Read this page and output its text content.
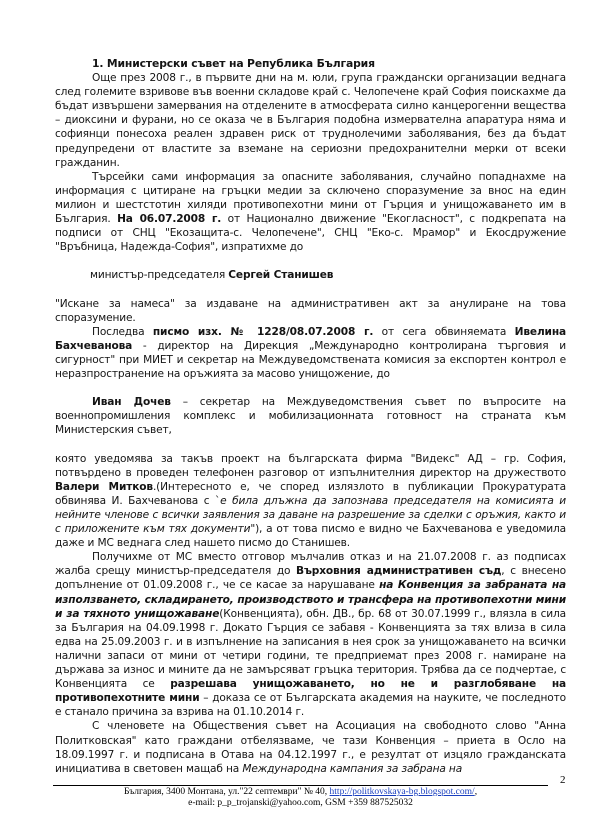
1. Министерски съвет на Република България

Още през 2008 г., в първите дни на м. юли, група граждански организации веднага след големите взривове във военни складове край с. Челопечене край София поискахме да бъдат извършени замервания на отделените в атмосферата силно канцерогенни вещества – диоксини и фурани, но се оказа че в България подобна измервателна апаратура няма и софиянци понесоха реален здравен риск от труднолечими заболявания, без да бъдат предупредени от властите за вземане на сериозни предохранителни мерки от всеки гражданин.

Търсейки сами информация за опасните заболявания, случайно попаднахме на информация с цитиране на гръцки медии за сключено споразумение за внос на един милион и шестстотин хиляди противопехотни мини от Гърция и унищожаването им в България. На 06.07.2008 г. от Национално движение "Екогласност", с подкрепата на подписи от СНЦ "Екозащита-с. Челопечене", СНЦ "Еко-с. Мрамор" и Екосдружение "Връбница, Надежда-София", изпратихме до

министър-председателя Сергей Станишев

"Искане за намеса" за издаване на административен акт за анулиране на това споразумение.

Последва писмо изх. № 1228/08.07.2008 г. от сега обвиняемата Ивелина Бахчеванова - директор на Дирекция „Международно контролирана търговия и сигурност" при МИЕТ и секретар на Междуведомствената комисия за експортен контрол е неразпространение на оръжията за масово унищожение, до

Иван Дочев – секретар на Междуведомствения съвет по въпросите на военнопромишления комплекс и мобилизационната готовност на страната към Министерския съвет,

която уведомява за такъв проект на българската фирма "Видекс" АД – гр. София, потвърдено в проведен телефонен разговор от изпълнителния директор на дружеството Валери Митков.(Интересното е, че според излязлото в публикации Прокуратурата обвинява И. Бахчеванова с `е била длъжна да запознава председателя на комисията и нейните членове с всички заявления за даване на разрешение за сделки с оръжия, както и с приложените към тях документи"), а от това писмо е видно че Бахчеванова е уведомила даже и МС веднага след нашето писмо до Станишев.

Получихме от МС вместо отговор мълчалив отказ и на 21.07.2008 г. аз подписах жалба срещу министър-председателя до Върховния административен съд, с внесено допълнение от 01.09.2008 г., че се касае за нарушаване на Конвенция за забраната на използването, складирането, производството и трансфера на противопехотни мини и за тяхното унищожаване(Конвенцията), обн. ДВ., бр. 68 от 30.07.1999 г., влязла в сила за България на 04.09.1998 г. Докато Гърция се забавя - Конвенцията за тях влиза в сила едва на 25.09.2003 г. и в изпълнение на записания в нея срок за унищожаването на всички налични запаси от мини от четири години, те предприемат през 2008 г. намиране на държава за износ и мините да не замърсяват гръцка територия. Трябва да се подчертае, с Конвенцията се разрешава унищожаването, но не и разглобяване на противопехотните мини – доказа се от Българската академия на науките, че последното е станало причина за взрива на 01.10.2014 г.

С членовете на Обществения съвет на Асоциация на свободното слово "Анна Политковская" като граждани отбелязваме, че тази Конвенция – приета в Осло на 18.09.1997 г. и подписана в Отава на 04.12.1997 г., е резултат от изцяло гражданската инициатива в световен мащаб на Международна кампания за забрана на

2
България, 3400 Монтана, ул."22 септември" № 40, http://politkovskaya-bg.blogspot.com/,
e-mail: p_p_trojanski@yahoo.com, GSM +359 887525032
